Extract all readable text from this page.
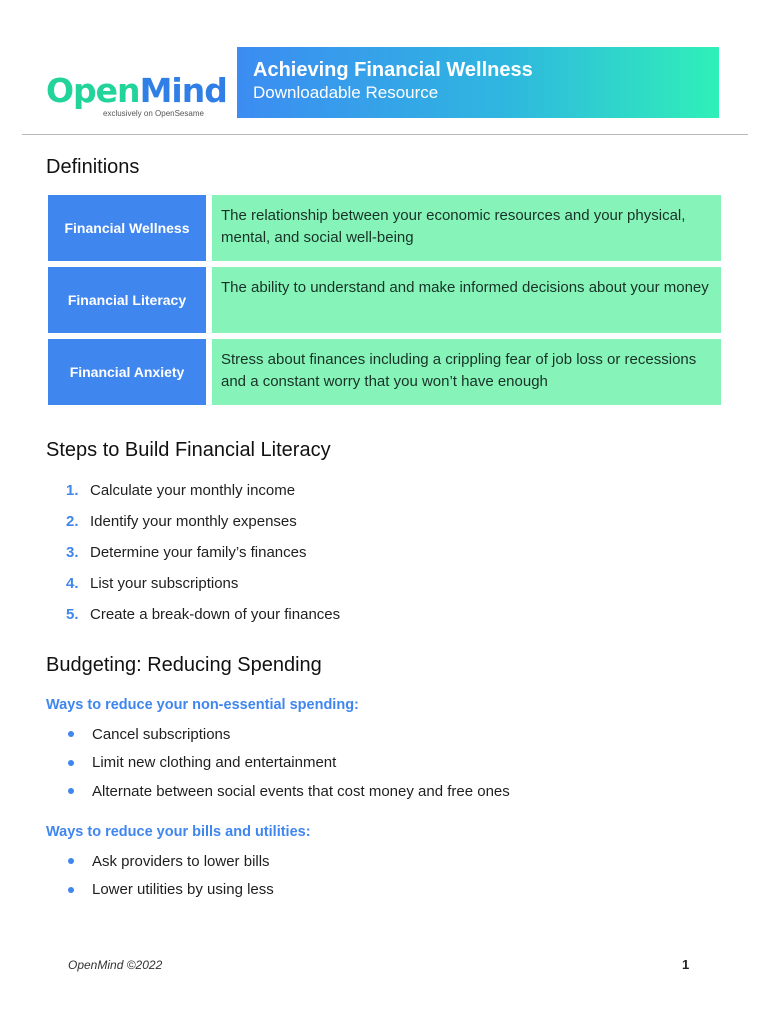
OpenMind
exclusively on OpenSesame
Achieving Financial Wellness
Downloadable Resource
Definitions
Financial Wellness
The relationship between your economic resources and your physical, mental, and social well-being
Financial Literacy
The ability to understand and make informed decisions about your money
Financial Anxiety
Stress about finances including a crippling fear of job loss or recessions and a constant worry that you won’t have enough
Steps to Build Financial Literacy
1. Calculate your monthly income
2. Identify your monthly expenses
3. Determine your family’s finances
4. List your subscriptions
5. Create a break-down of your finances
Budgeting: Reducing Spending

Ways to reduce your non-essential spending:

Cancel subscriptions
Limit new clothing and entertainment
Alternate between social events that cost money and free ones

Ways to reduce your bills and utilities:

Ask providers to lower bills
Lower utilities by using less
OpenMind ©2022	1
